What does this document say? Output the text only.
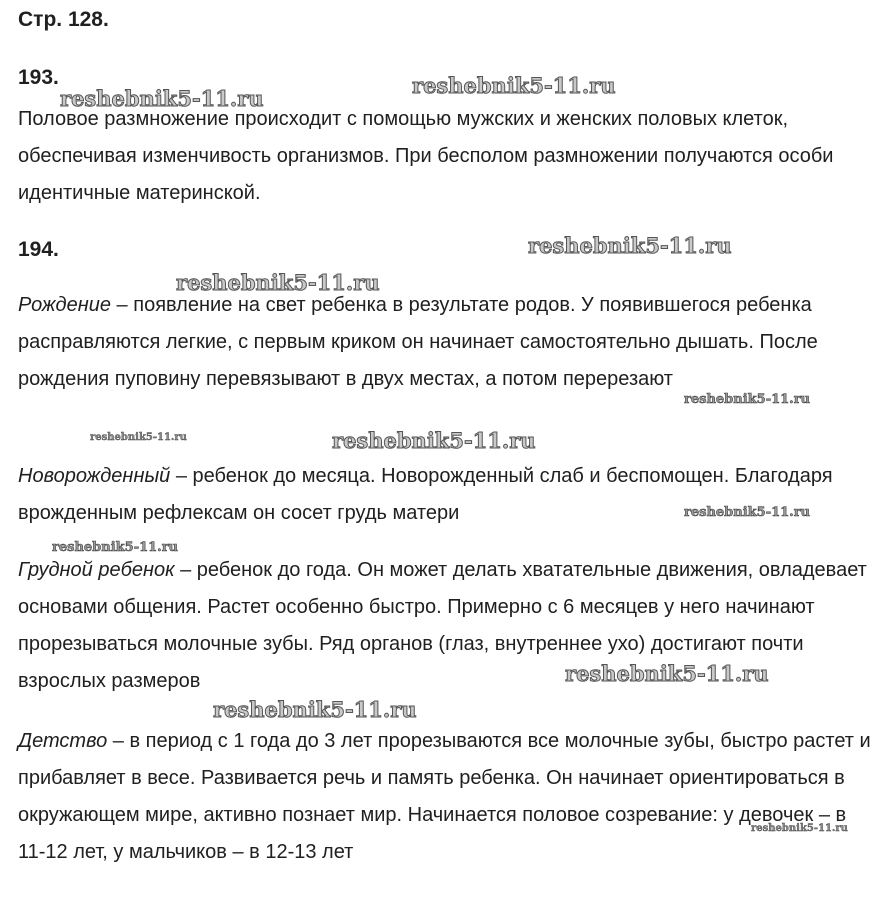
Стр. 128.
193.

Половое размножение происходит с помощью мужских и женских половых клеток, обеспечивая изменчивость организмов. При бесполом размножении получаются особи идентичные материнской.

194.

Рождение – появление на свет ребенка в результате родов. У появившегося ребенка расправляются легкие, с первым криком он начинает самостоятельно дышать. После рождения пуповину перевязывают в двух местах, а потом перерезают

Новорожденный – ребенок до месяца. Новорожденный слаб и беспомощен. Благодаря врожденным рефлексам он сосет грудь матери

Грудной ребенок – ребенок до года. Он может делать хватательные движения, овладевает основами общения. Растет особенно быстро. Примерно с 6 месяцев у него начинают прорезываться молочные зубы. Ряд органов (глаз, внутреннее ухо) достигают почти взрослых размеров

Детство – в период с 1 года до 3 лет прорезываются все молочные зубы, быстро растет и прибавляет в весе. Развивается речь и память ребенка. Он начинает ориентироваться в окружающем мире, активно познает мир. Начинается половое созревание: у девочек – в 11-12 лет, у мальчиков – в 12-13 лет

reshebnik5-11.ru
reshebnik5-11.ru
reshebnik5-11.ru
reshebnik5-11.ru
reshebnik5-11.ru
reshebnik5-11.ru	reshebnik5-11.ru
reshebnik5-11.ru
reshebnik5-11.ru
reshebnik5-11.ru
reshebnik5-11.ru
reshebnik5-11.ru
